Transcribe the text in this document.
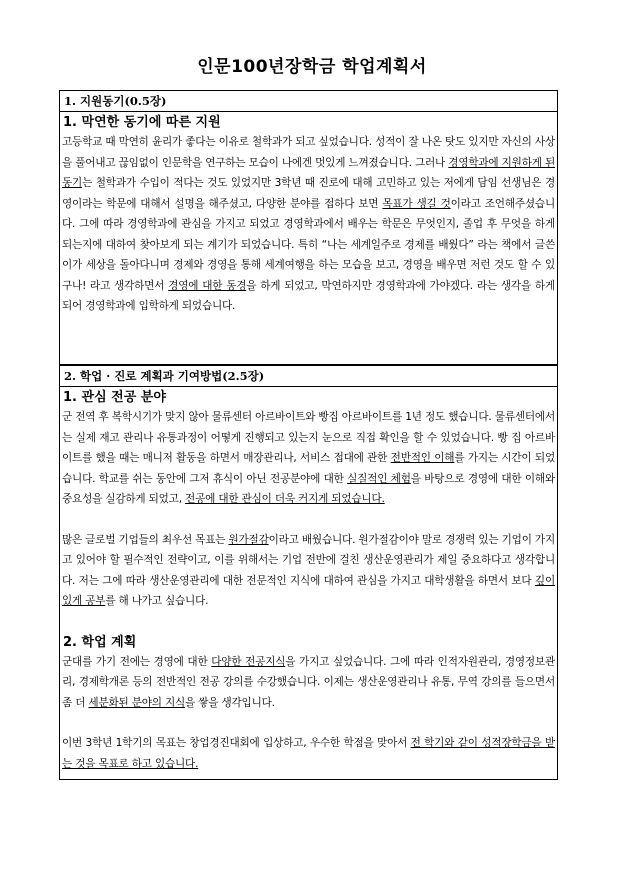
인문100년장학금 학업계획서
1. 지원동기(0.5장)
1. 막연한 동기에 따른 지원

고등학교 때 막연히 윤리가 좋다는 이유로 철학과가 되고 싶었습니다. 성적이 잘 나온 탓도 있지만 자신의 사상을 풀어내고 끊임없이 인문학을 연구하는 모습이 나에겐 멋있게 느껴졌습니다. 그러나 경영학과에 지원하게 된 동기는 철학과가 수입이 적다는 것도 있었지만 3학년 때 진로에 대해 고민하고 있는 저에게 담임 선생님은 경영이라는 학문에 대해서 설명을 해주셨고, 다양한 분야를 접하다 보면 목표가 생길 것이라고 조언해주셨습니다. 그에 따라 경영학과에 관심을 가지고 되었고 경영학과에서 배우는 학문은 무엇인지, 졸업 후 무엇을 하게 되는지에 대하여 찾아보게 되는 계기가 되었습니다. 특히 “나는 세계일주로 경제를 배웠다” 라는 책에서 글쓴이가 세상을 돌아다니며 경제와 경영을 통해 세계여행을 하는 모습을 보고, 경영을 배우면 저런 것도 할 수 있구나! 라고 생각하면서 경영에 대한 동경을 하게 되었고, 막연하지만 경영학과에 가야겠다. 라는 생각을 하게 되어 경영학과에 입학하게 되었습니다.

2. 학업 · 진로 계획과 기여방법(2.5장)
1. 관심 전공 분야

군 전역 후 복학시기가 맞지 않아 물류센터 아르바이트와 빵집 아르바이트를 1년 정도 했습니다. 물류센터에서는 실제 재고 관리나 유통과정이 어떻게 진행되고 있는지 눈으로 직접 확인을 할 수 있었습니다. 빵 집 아르바이트를 했을 때는 매니저 활동을 하면서 매장관리나, 서비스 접대에 관한 전반적인 이해를 가지는 시간이 되었습니다. 학교를 쉬는 동안에 그저 휴식이 아닌 전공분야에 대한 실질적인 체험을 바탕으로 경영에 대한 이해와 중요성을 실감하게 되었고, 전공에 대한 관심이 더욱 커지게 되었습니다.

많은 글로벌 기업들의 최우선 목표는 원가절감이라고 배웠습니다. 원가절감이야 말로 경쟁력 있는 기업이 가지고 있어야 할 필수적인 전략이고, 이를 위해서는 기업 전반에 걸친 생산운영관리가 제일 중요하다고 생각합니다. 저는 그에 따라 생산운영관리에 대한 전문적인 지식에 대하여 관심을 가지고 대학생활을 하면서 보다 깊이 있게 공부를 해 나가고 싶습니다.

2. 학업 계획

군대를 가기 전에는 경영에 대한 다양한 전공지식을 가지고 싶었습니다. 그에 따라 인적자원관리, 경영정보관리, 경제학개론 등의 전반적인 전공 강의를 수강했습니다. 이제는 생산운영관리나 유통, 무역 강의를 들으면서 좀 더 세분화된 분야의 지식을 쌓을 생각입니다.

이번 3학년 1학기의 목표는 창업경진대회에 입상하고, 우수한 학점을 맞아서 전 학기와 같이 성적장학금을 받는 것을 목표로 하고 있습니다.
